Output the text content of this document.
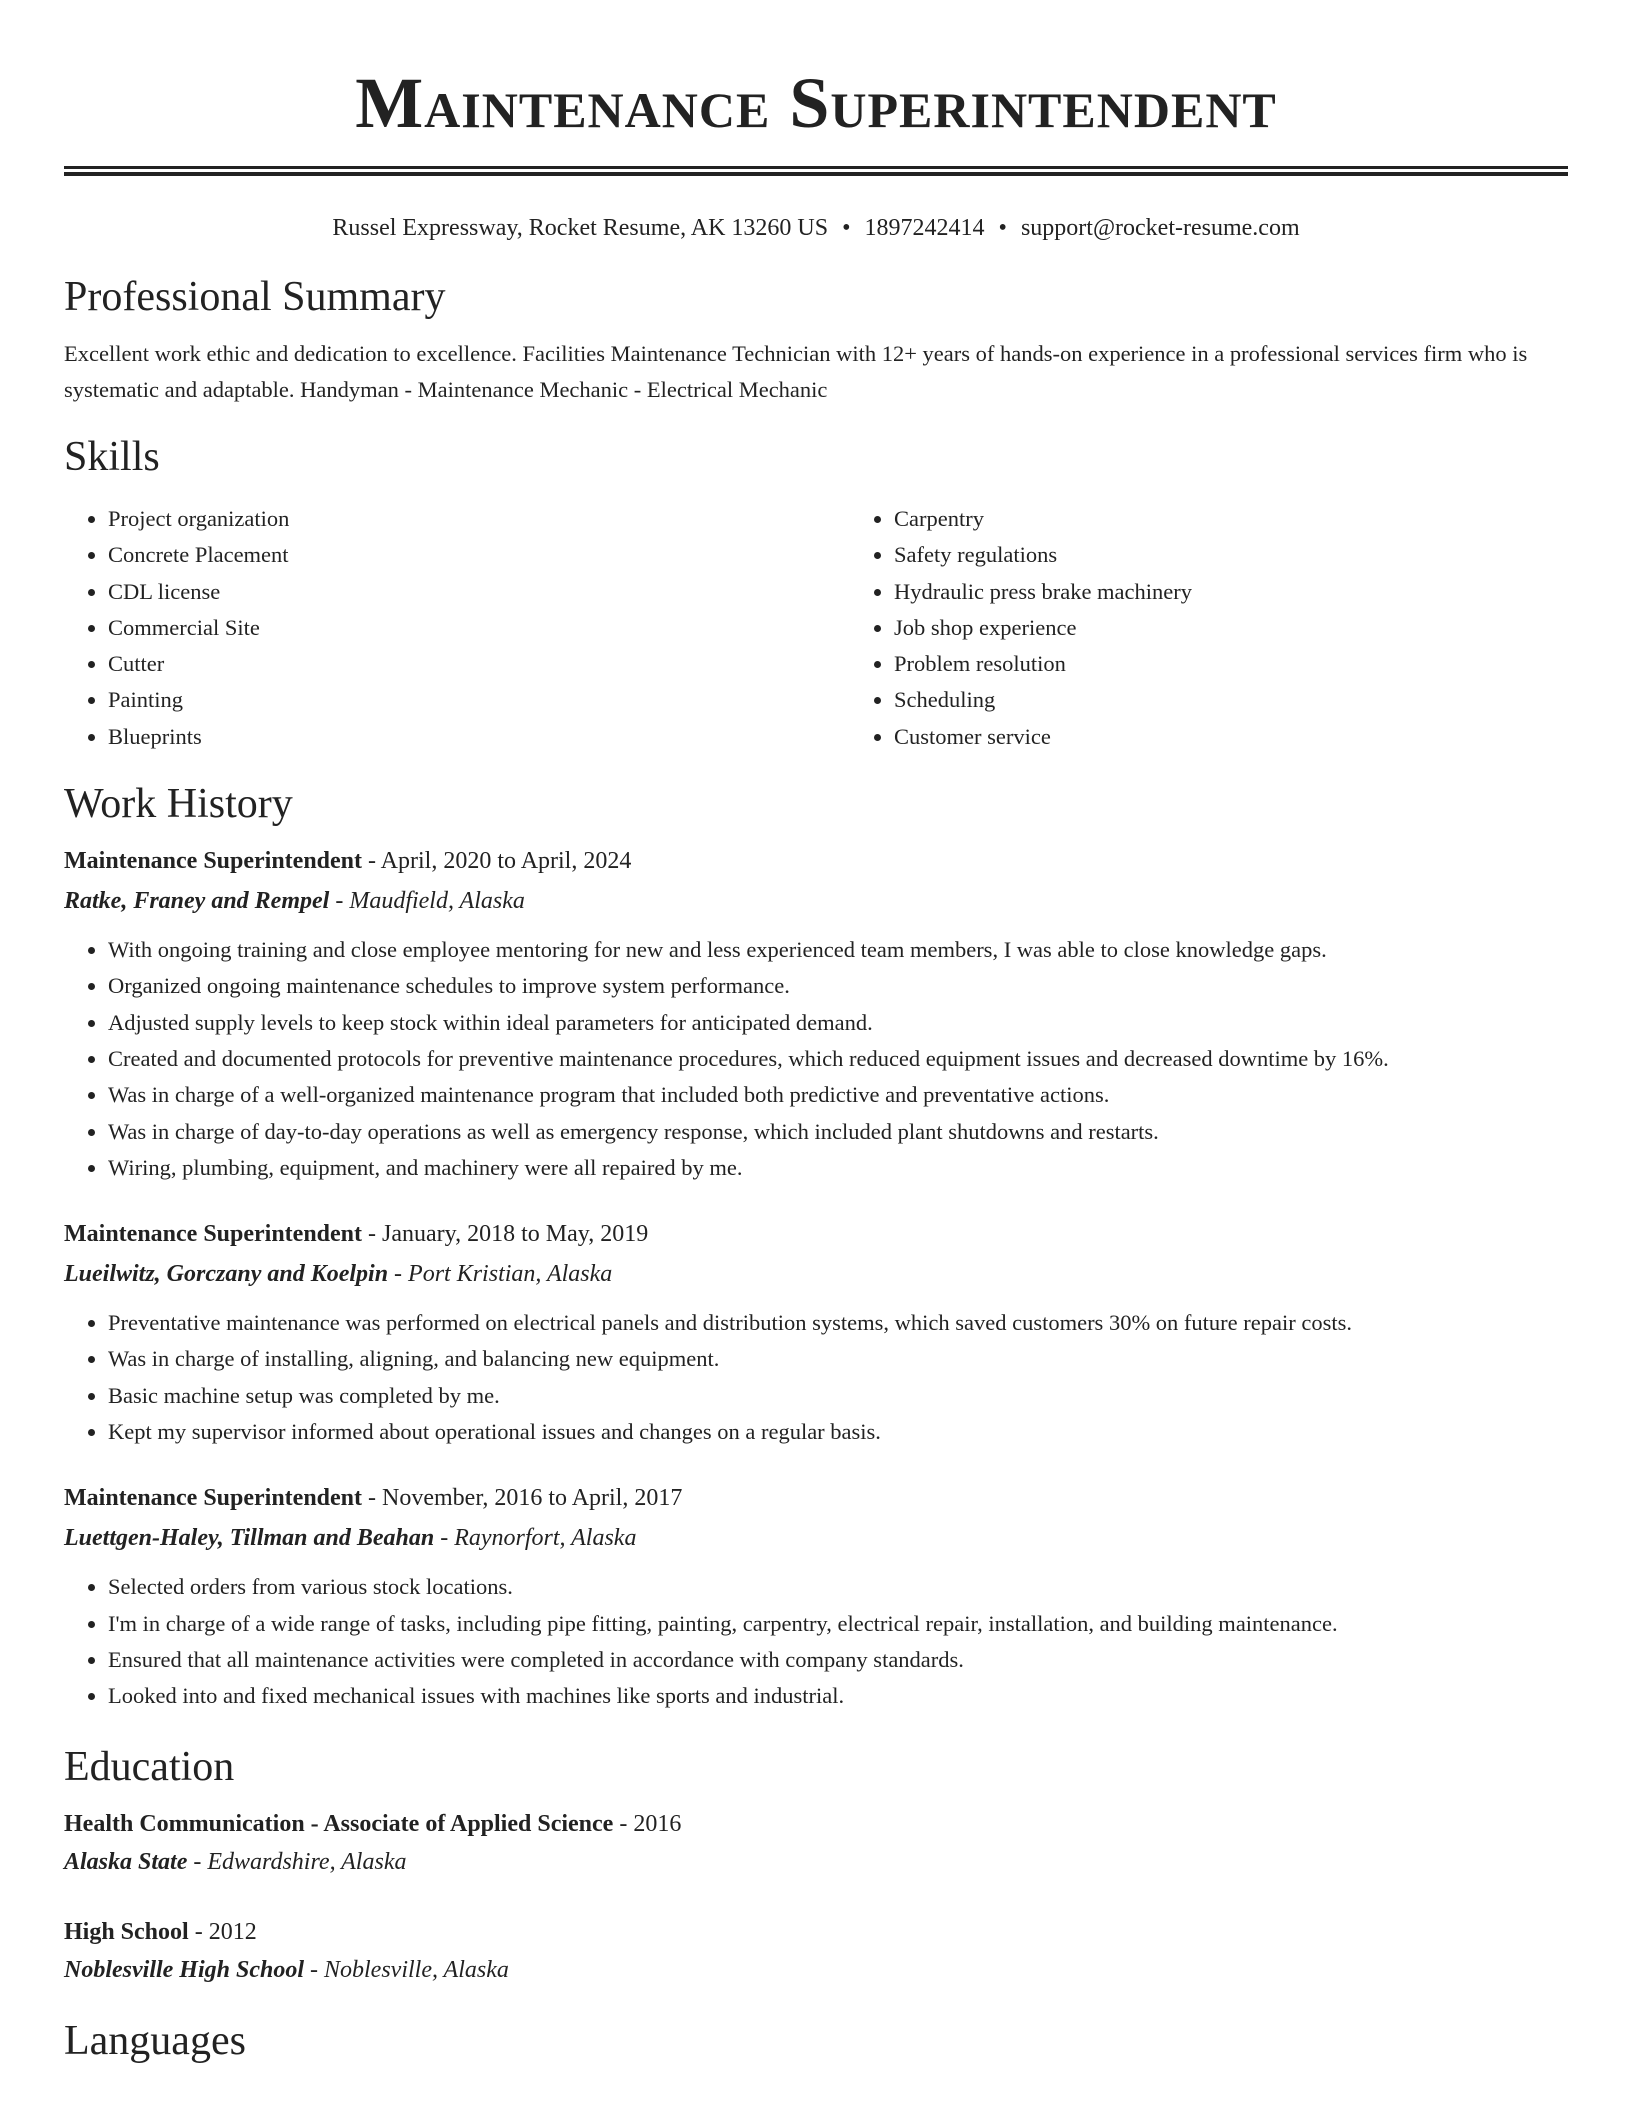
Maintenance Superintendent
Russel Expressway, Rocket Resume, AK 13260 US • 1897242414 • support@rocket-resume.com
Professional Summary

Excellent work ethic and dedication to excellence. Facilities Maintenance Technician with 12+ years of hands-on experience in a professional services firm who is systematic and adaptable. Handyman - Maintenance Mechanic - Electrical Mechanic

Skills
• Project organization
• Concrete Placement
• CDL license
• Commercial Site
• Cutter
• Painting
• Blueprints
• Carpentry
• Safety regulations
• Hydraulic press brake machinery
• Job shop experience
• Problem resolution
• Scheduling
• Customer service
Work History
Maintenance Superintendent - April, 2020 to April, 2024
Ratke, Franey and Rempel - Maudfield, Alaska
• With ongoing training and close employee mentoring for new and less experienced team members, I was able to close knowledge gaps.
• Organized ongoing maintenance schedules to improve system performance.
• Adjusted supply levels to keep stock within ideal parameters for anticipated demand.
• Created and documented protocols for preventive maintenance procedures, which reduced equipment issues and decreased downtime by 16%.
• Was in charge of a well-organized maintenance program that included both predictive and preventative actions.
• Was in charge of day-to-day operations as well as emergency response, which included plant shutdowns and restarts.
• Wiring, plumbing, equipment, and machinery were all repaired by me.
Maintenance Superintendent - January, 2018 to May, 2019
Lueilwitz, Gorczany and Koelpin - Port Kristian, Alaska
• Preventative maintenance was performed on electrical panels and distribution systems, which saved customers 30% on future repair costs.
• Was in charge of installing, aligning, and balancing new equipment.
• Basic machine setup was completed by me.
• Kept my supervisor informed about operational issues and changes on a regular basis.
Maintenance Superintendent - November, 2016 to April, 2017
Luettgen-Haley, Tillman and Beahan - Raynorfort, Alaska
• Selected orders from various stock locations.
• I'm in charge of a wide range of tasks, including pipe fitting, painting, carpentry, electrical repair, installation, and building maintenance.
• Ensured that all maintenance activities were completed in accordance with company standards.
• Looked into and fixed mechanical issues with machines like sports and industrial.
Education
Health Communication - Associate of Applied Science - 2016
Alaska State - Edwardshire, Alaska
High School - 2012
Noblesville High School - Noblesville, Alaska
Languages
